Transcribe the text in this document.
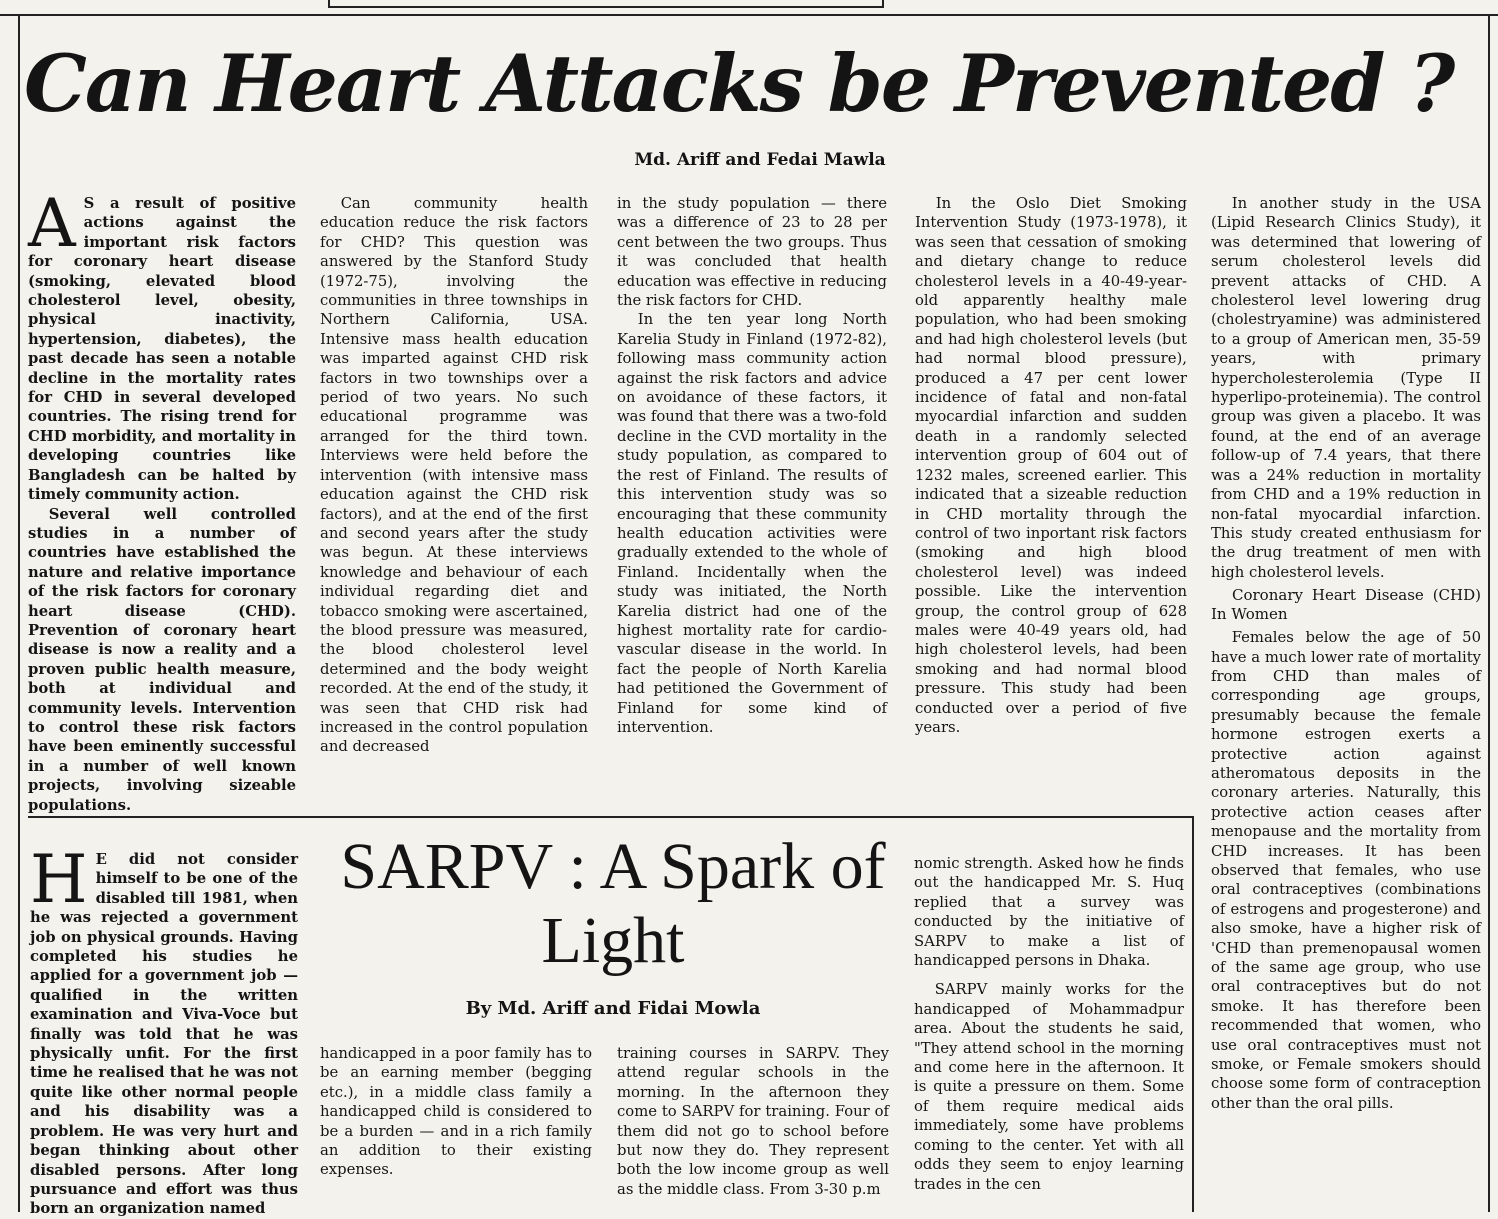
Can Heart Attacks be Prevented ?
Md. Ariff and Fedai Mawla
A S a result of positive actions against the important risk factors for coronary heart disease (smoking, elevated blood cholesterol level, obesity, physical inactivity, hypertension, diabetes), the past decade has seen a notable decline in the mortality rates for CHD in several developed countries. The rising trend for CHD morbidity, and mortality in developing countries like Bangladesh can be halted by timely community action.

Several well controlled studies in a number of countries have established the nature and relative importance of the risk factors for coronary heart disease (CHD). Prevention of coronary heart disease is now a reality and a proven public health measure, both at individual and community levels. Intervention to control these risk factors have been eminently successful in a number of well known projects, involving sizeable populations.

Can community health education reduce the risk factors for CHD? This question was answered by the Stanford Study (1972-75), involving the communities in three townships in Northern California, USA. Intensive mass health education was imparted against CHD risk factors in two townships over a period of two years. No such educational programme was arranged for the third town. Interviews were held before the intervention (with intensive mass education against the CHD risk factors), and at the end of the first and second years after the study was begun. At these interviews knowledge and behaviour of each individual regarding diet and tobacco smoking were ascertained, the blood pressure was measured, the blood cholesterol level determined and the body weight recorded. At the end of the study, it was seen that CHD risk had increased in the control population and decreased

in the study population — there was a difference of 23 to 28 per cent between the two groups. Thus it was concluded that health education was effective in reducing the risk factors for CHD.

In the ten year long North Karelia Study in Finland (1972-82), following mass community action against the risk factors and advice on avoidance of these factors, it was found that there was a two-fold decline in the CVD mortality in the study population, as compared to the rest of Finland. The results of this intervention study was so encouraging that these community health education activities were gradually extended to the whole of Finland. Incidentally when the study was initiated, the North Karelia district had one of the highest mortality rate for cardio-vascular disease in the world. In fact the people of North Karelia had petitioned the Government of Finland for some kind of intervention.

In the Oslo Diet Smoking Intervention Study (1973-1978), it was seen that cessation of smoking and dietary change to reduce cholesterol levels in a 40-49-year-old apparently healthy male population, who had been smoking and had high cholesterol levels (but had normal blood pressure), produced a 47 per cent lower incidence of fatal and non-fatal myocardial infarction and sudden death in a randomly selected intervention group of 604 out of 1232 males, screened earlier. This indicated that a sizeable reduction in CHD mortality through the control of two inportant risk factors (smoking and high blood cholesterol level) was indeed possible. Like the intervention group, the control group of 628 males were 40-49 years old, had high cholesterol levels, had been smoking and had normal blood pressure. This study had been conducted over a period of five years.

In another study in the USA (Lipid Research Clinics Study), it was determined that lowering of serum cholesterol levels did prevent attacks of CHD. A cholesterol level lowering drug (cholestryamine) was administered to a group of American men, 35-59 years, with primary hypercholesterolemia (Type II hyperlipo-proteinemia). The control group was given a placebo. It was found, at the end of an average follow-up of 7.4 years, that there was a 24% reduction in mortality from CHD and a 19% reduction in non-fatal myocardial infarction. This study created enthusiasm for the drug treatment of men with high cholesterol levels.

Coronary Heart Disease (CHD) In Women

Females below the age of 50 have a much lower rate of mortality from CHD than males of corresponding age groups, presumably because the female hormone estrogen exerts a protective action against atheromatous deposits in the coronary arteries. Naturally, this protective action ceases after menopause and the mortality from CHD increases. It has been observed that females, who use oral contraceptives (combinations of estrogens and progesterone) and also smoke, have a higher risk of 'CHD than premenopausal women of the same age group, who use oral contraceptives but do not smoke. It has therefore been recommended that women, who use oral contraceptives must not smoke, or Female smokers should choose some form of contraception other than the oral pills.

SARPV : A Spark of Light
By Md. Ariff and Fidai Mowla
H E did not consider himself to be one of the disabled till 1981, when he was rejected a government job on physical grounds. Having completed his studies he applied for a government job — qualified in the written examination and Viva-Voce but finally was told that he was physically unfit. For the first time he realised that he was not quite like other normal people and his disability was a problem. He was very hurt and began thinking about other disabled persons. After long pursuance and effort was thus born an organization named

handicapped in a poor family has to be an earning member (begging etc.), in a middle class family a handicapped child is considered to be a burden — and in a rich family an addition to their existing expenses.

training courses in SARPV. They attend regular schools in the morning. In the afternoon they come to SARPV for training. Four of them did not go to school before but now they do. They represent both the low income group as well as the middle class. From 3-30 p.m

nomic strength. Asked how he finds out the handicapped Mr. S. Huq replied that a survey was conducted by the initiative of SARPV to make a list of handicapped persons in Dhaka.

SARPV mainly works for the handicapped of Mohammadpur area. About the students he said, "They attend school in the morning and come here in the afternoon. It is quite a pressure on them. Some of them require medical aids immediately, some have problems coming to the center. Yet with all odds they seem to enjoy learning trades in the cen
